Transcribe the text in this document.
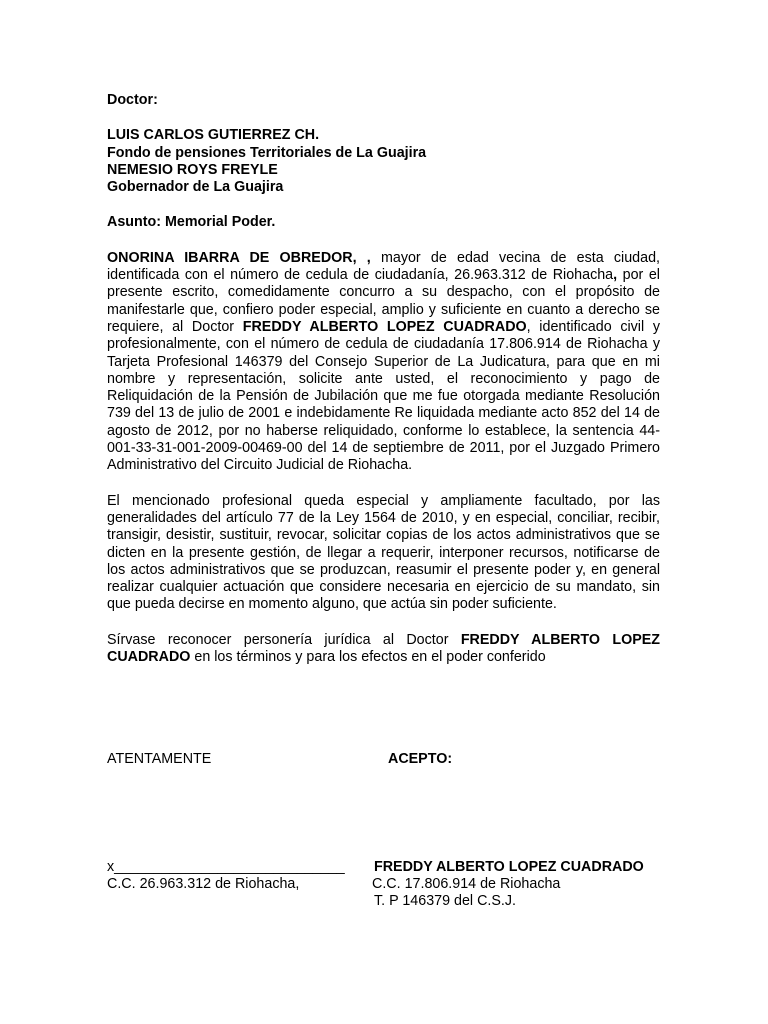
Doctor:

LUIS CARLOS GUTIERREZ CH.

Fondo de pensiones Territoriales de La Guajira

NEMESIO ROYS FREYLE

Gobernador de La Guajira

Asunto: Memorial Poder.

ONORINA IBARRA DE OBREDOR, , mayor de edad vecina de esta ciudad, identificada con el número de cedula de ciudadanía, 26.963.312 de Riohacha, por el presente escrito, comedidamente concurro a su despacho, con el propósito de manifestarle que, confiero poder especial, amplio y suficiente en cuanto a derecho se requiere, al Doctor FREDDY ALBERTO LOPEZ CUADRADO, identificado civil y profesionalmente, con el número de cedula de ciudadanía 17.806.914 de Riohacha y Tarjeta Profesional 146379 del Consejo Superior de La Judicatura, para que en mi nombre y representación, solicite ante usted, el reconocimiento y pago de Reliquidación de la Pensión de Jubilación que me fue otorgada mediante Resolución 739 del 13 de julio de 2001 e indebidamente Re liquidada mediante acto 852 del 14 de agosto de 2012, por no haberse reliquidado, conforme lo establece, la sentencia 44-001-33-31-001-2009-00469-00 del 14 de septiembre de 2011, por el Juzgado Primero Administrativo del Circuito Judicial de Riohacha.

El mencionado profesional queda especial y ampliamente facultado, por las generalidades del artículo 77 de la Ley 1564 de 2010, y en especial, conciliar, recibir, transigir, desistir, sustituir, revocar, solicitar copias de los actos administrativos que se dicten en la presente gestión, de llegar a requerir, interponer recursos, notificarse de los actos administrativos que se produzcan, reasumir el presente poder y, en general realizar cualquier actuación que considere necesaria en ejercicio de su mandato, sin que pueda decirse en momento alguno, que actúa sin poder suficiente.

Sírvase reconocer personería jurídica al Doctor FREDDY ALBERTO LOPEZ CUADRADO en los términos y para los efectos en el poder conferido

ATENTAMENTE	ACEPTO:
x_____________________________ FREDDY ALBERTO LOPEZ CUADRADO
C.C. 26.963.312 de Riohacha,	C.C. 17.806.914 de Riohacha
T. P 146379 del C.S.J.
